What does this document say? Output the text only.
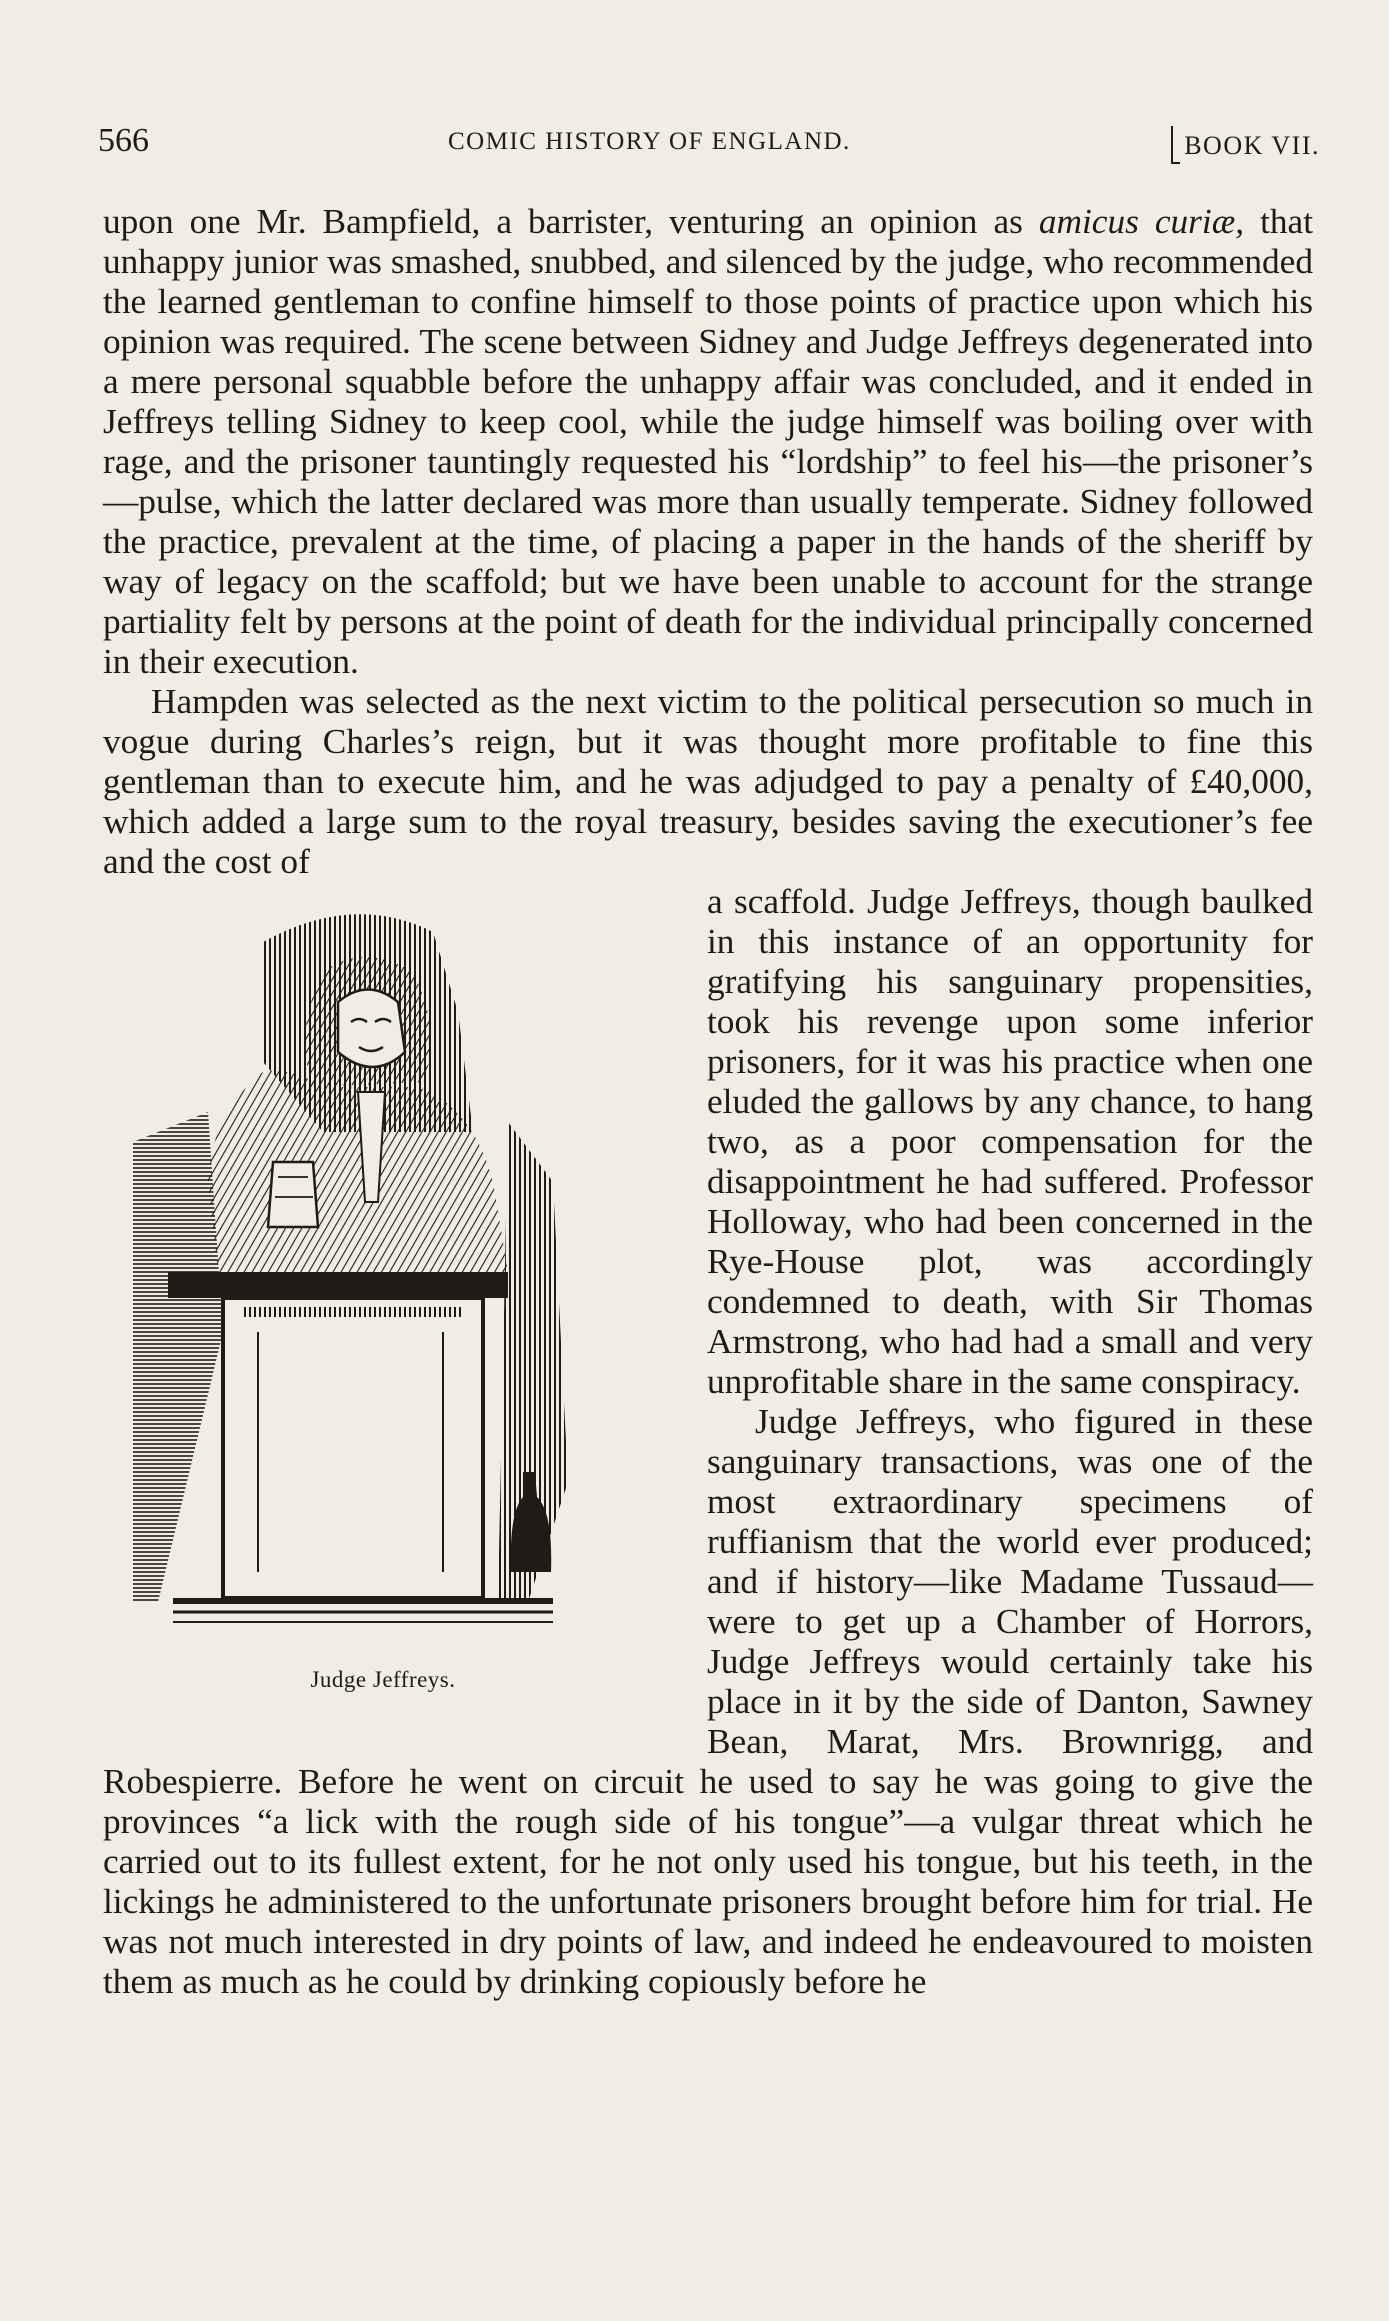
566	COMIC HISTORY OF ENGLAND.	BOOK VII.

upon one Mr. Bampfield, a barrister, venturing an opinion as amicus curiæ, that unhappy junior was smashed, snubbed, and silenced by the judge, who recommended the learned gentleman to confine himself to those points of practice upon which his opinion was required. The scene between Sidney and Judge Jeffreys degenerated into a mere personal squabble before the unhappy affair was concluded, and it ended in Jeffreys telling Sidney to keep cool, while the judge himself was boiling over with rage, and the prisoner tauntingly requested his “lordship” to feel his—the prisoner’s—pulse, which the latter declared was more than usually temperate. Sidney followed the practice, prevalent at the time, of placing a paper in the hands of the sheriff by way of legacy on the scaffold; but we have been unable to account for the strange partiality felt by persons at the point of death for the individual principally concerned in their execution.

Hampden was selected as the next victim to the political persecution so much in vogue during Charles’s reign, but it was thought more profitable to fine this gentleman than to execute him, and he was adjudged to pay a penalty of £40,000, which added a large sum to the royal treasury, besides saving the executioner’s fee and the cost of

Judge Jeffreys.

a scaffold. Judge Jeffreys, though baulked in this instance of an opportunity for gratifying his sanguinary propensities, took his revenge upon some inferior prisoners, for it was his practice when one eluded the gallows by any chance, to hang two, as a poor compensation for the disappointment he had suffered. Professor Holloway, who had been concerned in the Rye-House plot, was accordingly condemned to death, with Sir Thomas Armstrong, who had had a small and very unprofitable share in the same conspiracy.

Judge Jeffreys, who figured in these sanguinary transactions, was one of the most extraordinary specimens of ruffianism that the world ever produced; and if history—like Madame Tussaud—were to get up a Chamber of Horrors, Judge Jeffreys would certainly take his place in it by the side of Danton, Sawney Bean, Marat, Mrs. Brownrigg, and Robespierre. Before he went on circuit he used to say he was going to give the provinces “a lick with the rough side of his tongue”—a vulgar threat which he carried out to its fullest extent, for he not only used his tongue, but his teeth, in the lickings he administered to the unfortunate prisoners brought before him for trial. He was not much interested in dry points of law, and indeed he endeavoured to moisten them as much as he could by drinking copiously before he
